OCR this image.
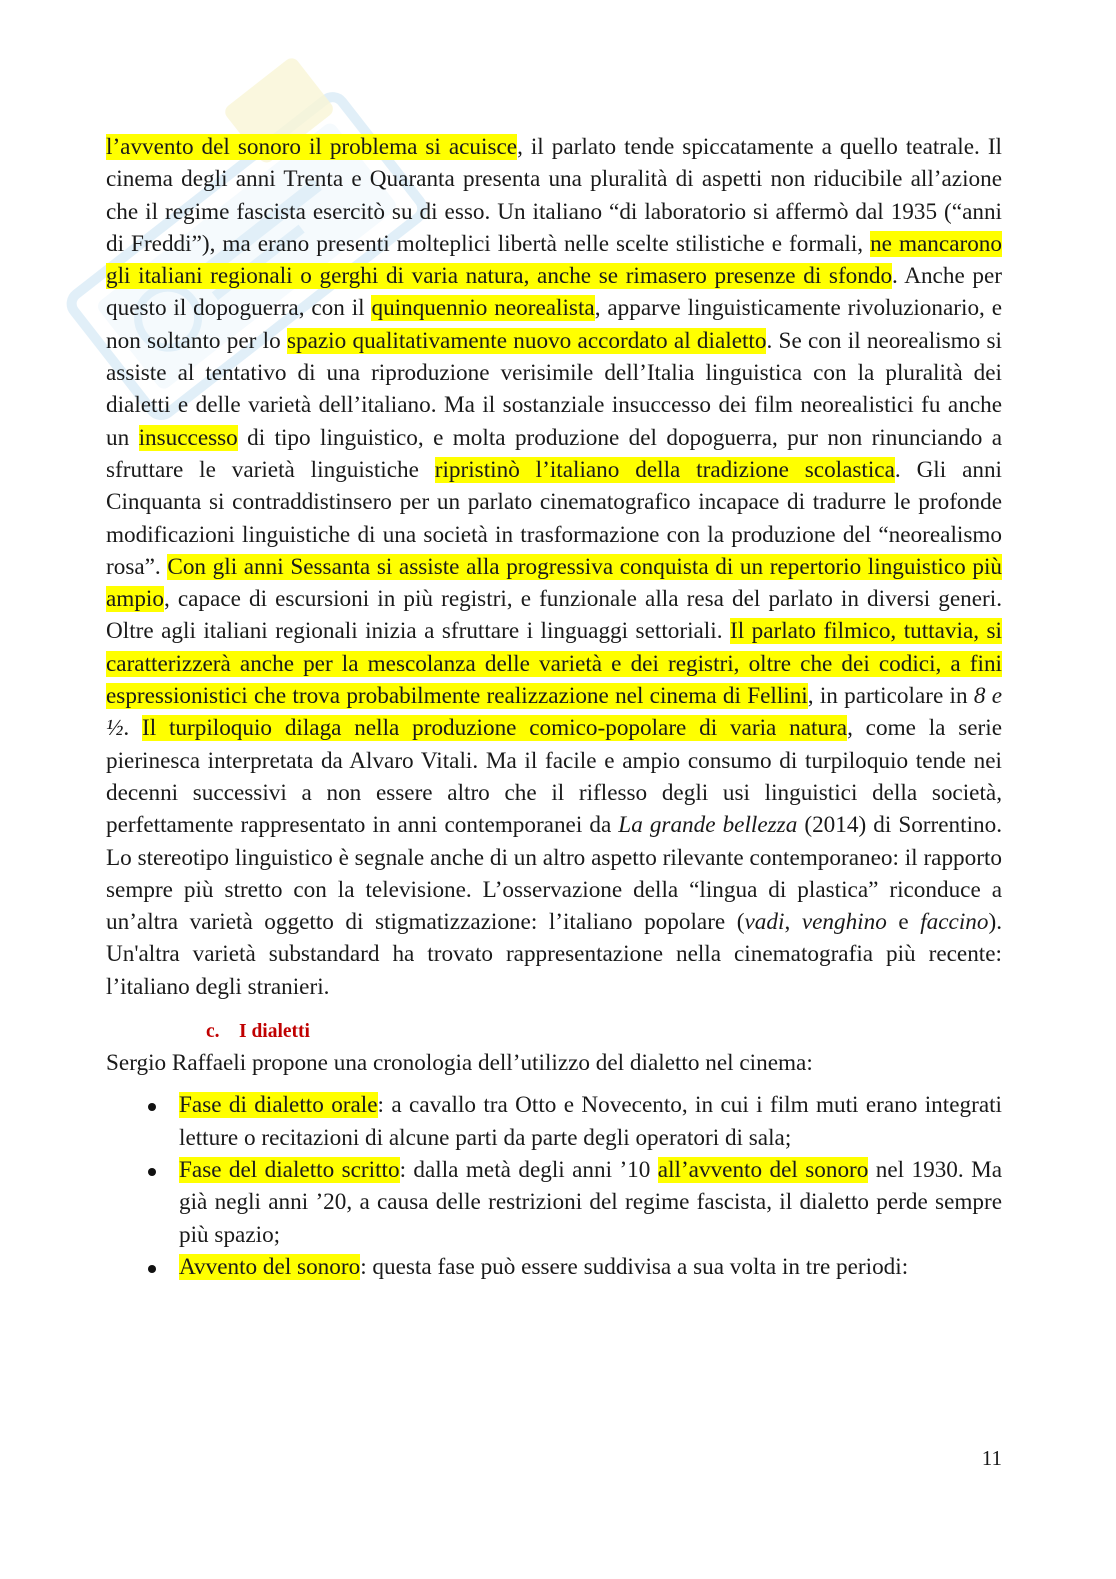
l’avvento del sonoro il problema si acuisce, il parlato tende spiccatamente a quello teatrale. Il cinema degli anni Trenta e Quaranta presenta una pluralità di aspetti non riducibile all’azione che il regime fascista esercitò su di esso. Un italiano “di laboratorio si affermò dal 1935 (“anni di Freddi”), ma erano presenti molteplici libertà nelle scelte stilistiche e formali, ne mancarono gli italiani regionali o gerghi di varia natura, anche se rimasero presenze di sfondo. Anche per questo il dopoguerra, con il quinquennio neorealista, apparve linguisticamente rivoluzionario, e non soltanto per lo spazio qualitativamente nuovo accordato al dialetto. Se con il neorealismo si assiste al tentativo di una riproduzione verisimile dell’Italia linguistica con la pluralità dei dialetti e delle varietà dell’italiano. Ma il sostanziale insuccesso dei film neorealistici fu anche un insuccesso di tipo linguistico, e molta produzione del dopoguerra, pur non rinunciando a sfruttare le varietà linguistiche ripristinò l’italiano della tradizione scolastica. Gli anni Cinquanta si contraddistinsero per un parlato cinematografico incapace di tradurre le profonde modificazioni linguistiche di una società in trasformazione con la produzione del “neorealismo rosa”. Con gli anni Sessanta si assiste alla progressiva conquista di un repertorio linguistico più ampio, capace di escursioni in più registri, e funzionale alla resa del parlato in diversi generi. Oltre agli italiani regionali inizia a sfruttare i linguaggi settoriali. Il parlato filmico, tuttavia, si caratterizzerà anche per la mescolanza delle varietà e dei registri, oltre che dei codici, a fini espressionistici che trova probabilmente realizzazione nel cinema di Fellini, in particolare in 8 e ½. Il turpiloquio dilaga nella produzione comico-popolare di varia natura, come la serie pierinesca interpretata da Alvaro Vitali. Ma il facile e ampio consumo di turpiloquio tende nei decenni successivi a non essere altro che il riflesso degli usi linguistici della società, perfettamente rappresentato in anni contemporanei da La grande bellezza (2014) di Sorrentino. Lo stereotipo linguistico è segnale anche di un altro aspetto rilevante contemporaneo: il rapporto sempre più stretto con la televisione. L’osservazione della “lingua di plastica” riconduce a un’altra varietà oggetto di stigmatizzazione: l’italiano popolare (vadi, venghino e faccino). Un'altra varietà substandard ha trovato rappresentazione nella cinematografia più recente: l’italiano degli stranieri.

c. I dialetti

Sergio Raffaeli propone una cronologia dell’utilizzo del dialetto nel cinema:

Fase di dialetto orale: a cavallo tra Otto e Novecento, in cui i film muti erano integrati letture o recitazioni di alcune parti da parte degli operatori di sala;
Fase del dialetto scritto: dalla metà degli anni ’10 all’avvento del sonoro nel 1930. Ma già negli anni ’20, a causa delle restrizioni del regime fascista, il dialetto perde sempre più spazio;
Avvento del sonoro: questa fase può essere suddivisa a sua volta in tre periodi:
11
